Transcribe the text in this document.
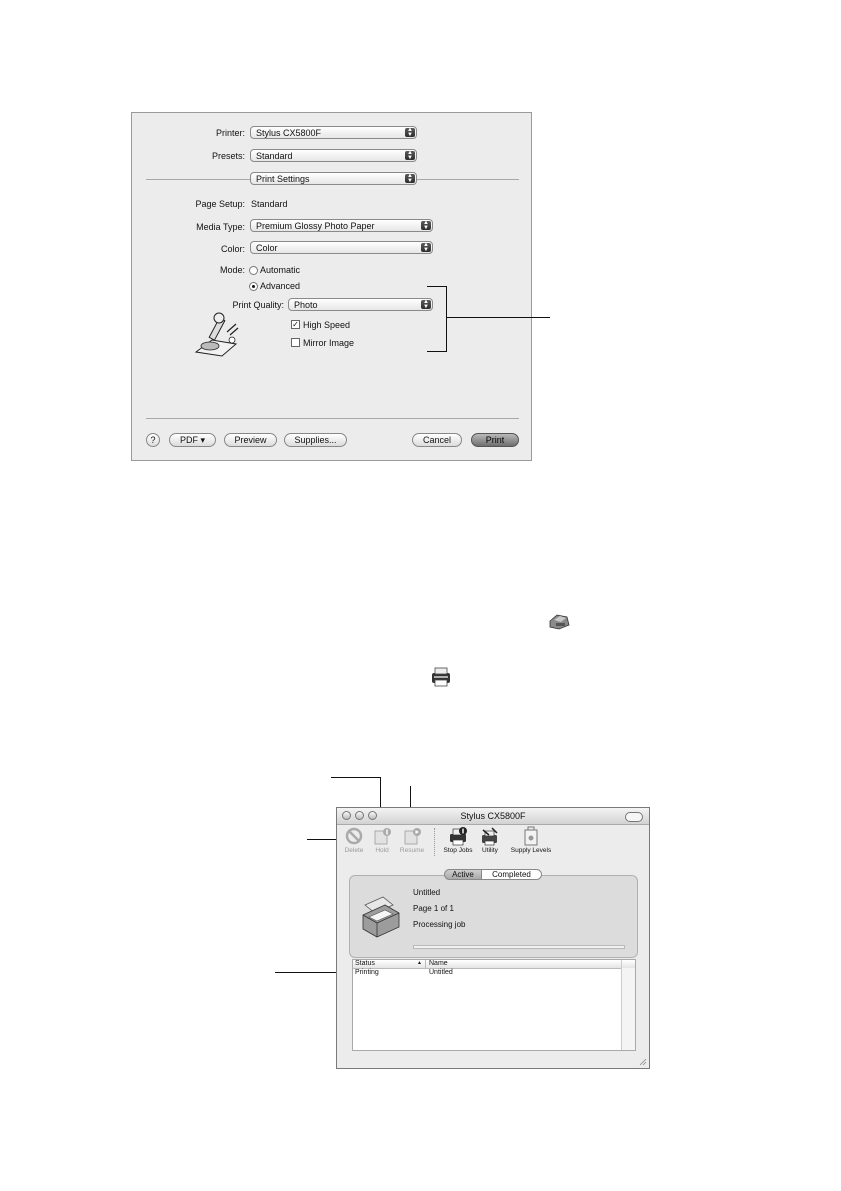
Printer:	Stylus CX5800F	▲
▼
Presets:	Standard	▲
▼
Print Settings	▲
▼
Page Setup: Standard
Media Type:	Premium Glossy Photo Paper	▲
▼
Color:	Color	▲
▼
Mode: Automatic
Advanced
Print Quality:	Photo	▲
▼
✓ High Speed
Mirror Image
?	PDF ▾	Preview	Supplies...	Cancel	Print
Stylus CX5800F
Delete	Hold	Resume	Stop Jobs	Utility	Supply Levels
Active	Completed
Untitled
Page 1 of 1
Processing job
Status	▲ Name
Printing	Untitled
